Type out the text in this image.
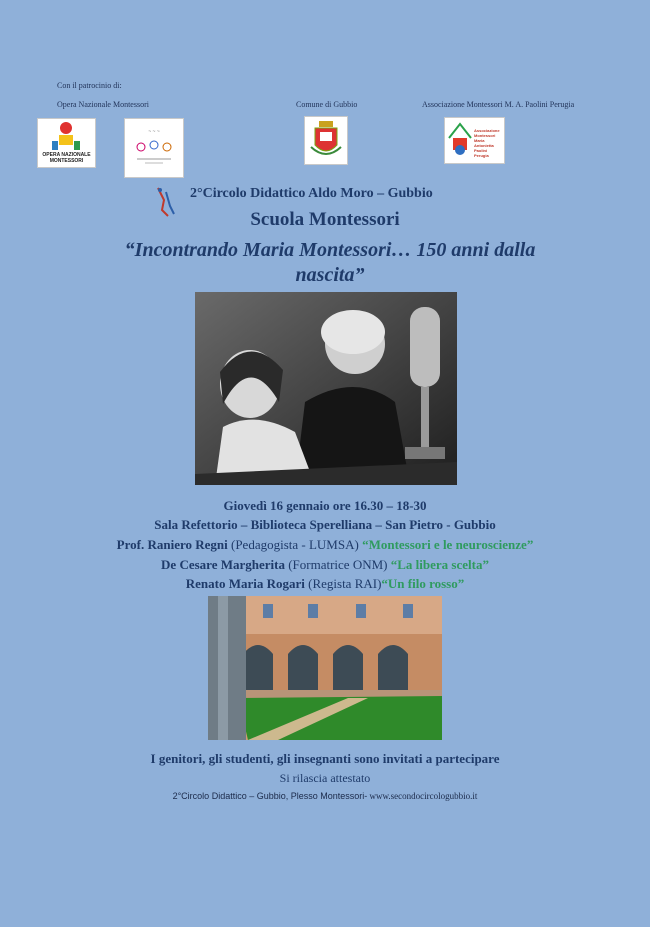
Con il patrocinio di:
Opera Nazionale Montessori	Comune di Gubbio	Associazione Montessori M. A. Paolini Perugia
OPERA NAZIONALE MONTESSORI
~ ~ ~	Associazione Montessori Maria Antonietta Paolini Perugia
2°Circolo Didattico Aldo Moro – Gubbio
Scuola Montessori
“Incontrando Maria Montessori… 150 anni dalla nascita”
Giovedì 16 gennaio ore 16.30 – 18-30
Sala Refettorio – Biblioteca Sperelliana – San Pietro - Gubbio
Prof. Raniero Regni (Pedagogista - LUMSA) “Montessori e le neuroscienze”
De Cesare Margherita (Formatrice ONM) “La libera scelta”
Renato Maria Rogari (Regista RAI)“Un filo rosso”
I genitori, gli studenti, gli insegnanti sono invitati a partecipare
Si rilascia attestato
2°Circolo Didattico – Gubbio, Plesso Montessori- www.secondocircologubbio.it
